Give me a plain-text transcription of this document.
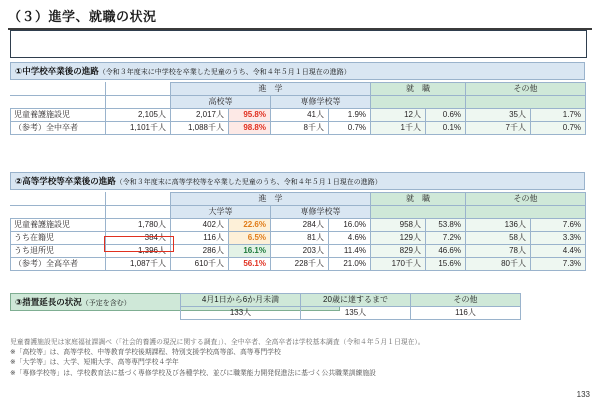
（３）進学、就職の状況
①中学校卒業後の進路（令和３年度末に中学校を卒業した児童のうち、令和４年５月１日現在の進路）
		進　学				就　職		その他	
		高校等		専修学校等					
児童養護施設児	2,105人	2,017人	95.8%	41人	1.9%	12人	0.6%	35人	1.7%
（参考）全中卒者	1,101千人	1,088千人	98.8%	8千人	0.7%	1千人	0.1%	7千人	0.7%
②高等学校等卒業後の進路（令和３年度末に高等学校等を卒業した児童のうち、令和４年５月１日現在の進路）
		進　学				就　職		その他	
		大学等		専修学校等					
児童養護施設児	1,780人	402人	22.6%	284人	16.0%	958人	53.8%	136人	7.6%
うち在籍児	384人	116人	6.5%	81人	4.6%	129人	7.2%	58人	3.3%
うち退所児	1,396人	286人	16.1%	203人	11.4%	829人	46.6%	78人	4.4%
（参考）全高卒者	1,087千人	610千人	56.1%	228千人	21.0%	170千人	15.6%	80千人	7.3%
③措置延長の状況（予定を含む）	4月1日から6か月未満	20歳に達するまで	その他
133人	135人	116人
児童養護施設児は家庭福祉課調べ（「社会的養護の現況に関する調査」）、全中卒者、全高卒者は学校基本調査（令和４年５月１日現在）。
※「高校等」は、高等学校、中等教育学校後期課程、特別支援学校高等部、高等専門学校
※「大学等」は、大学、短期大学、高等専門学校４学年
※「専修学校等」は、学校教育法に基づく専修学校及び各種学校、並びに職業能力開発促進法に基づく公共職業訓練施設
133
